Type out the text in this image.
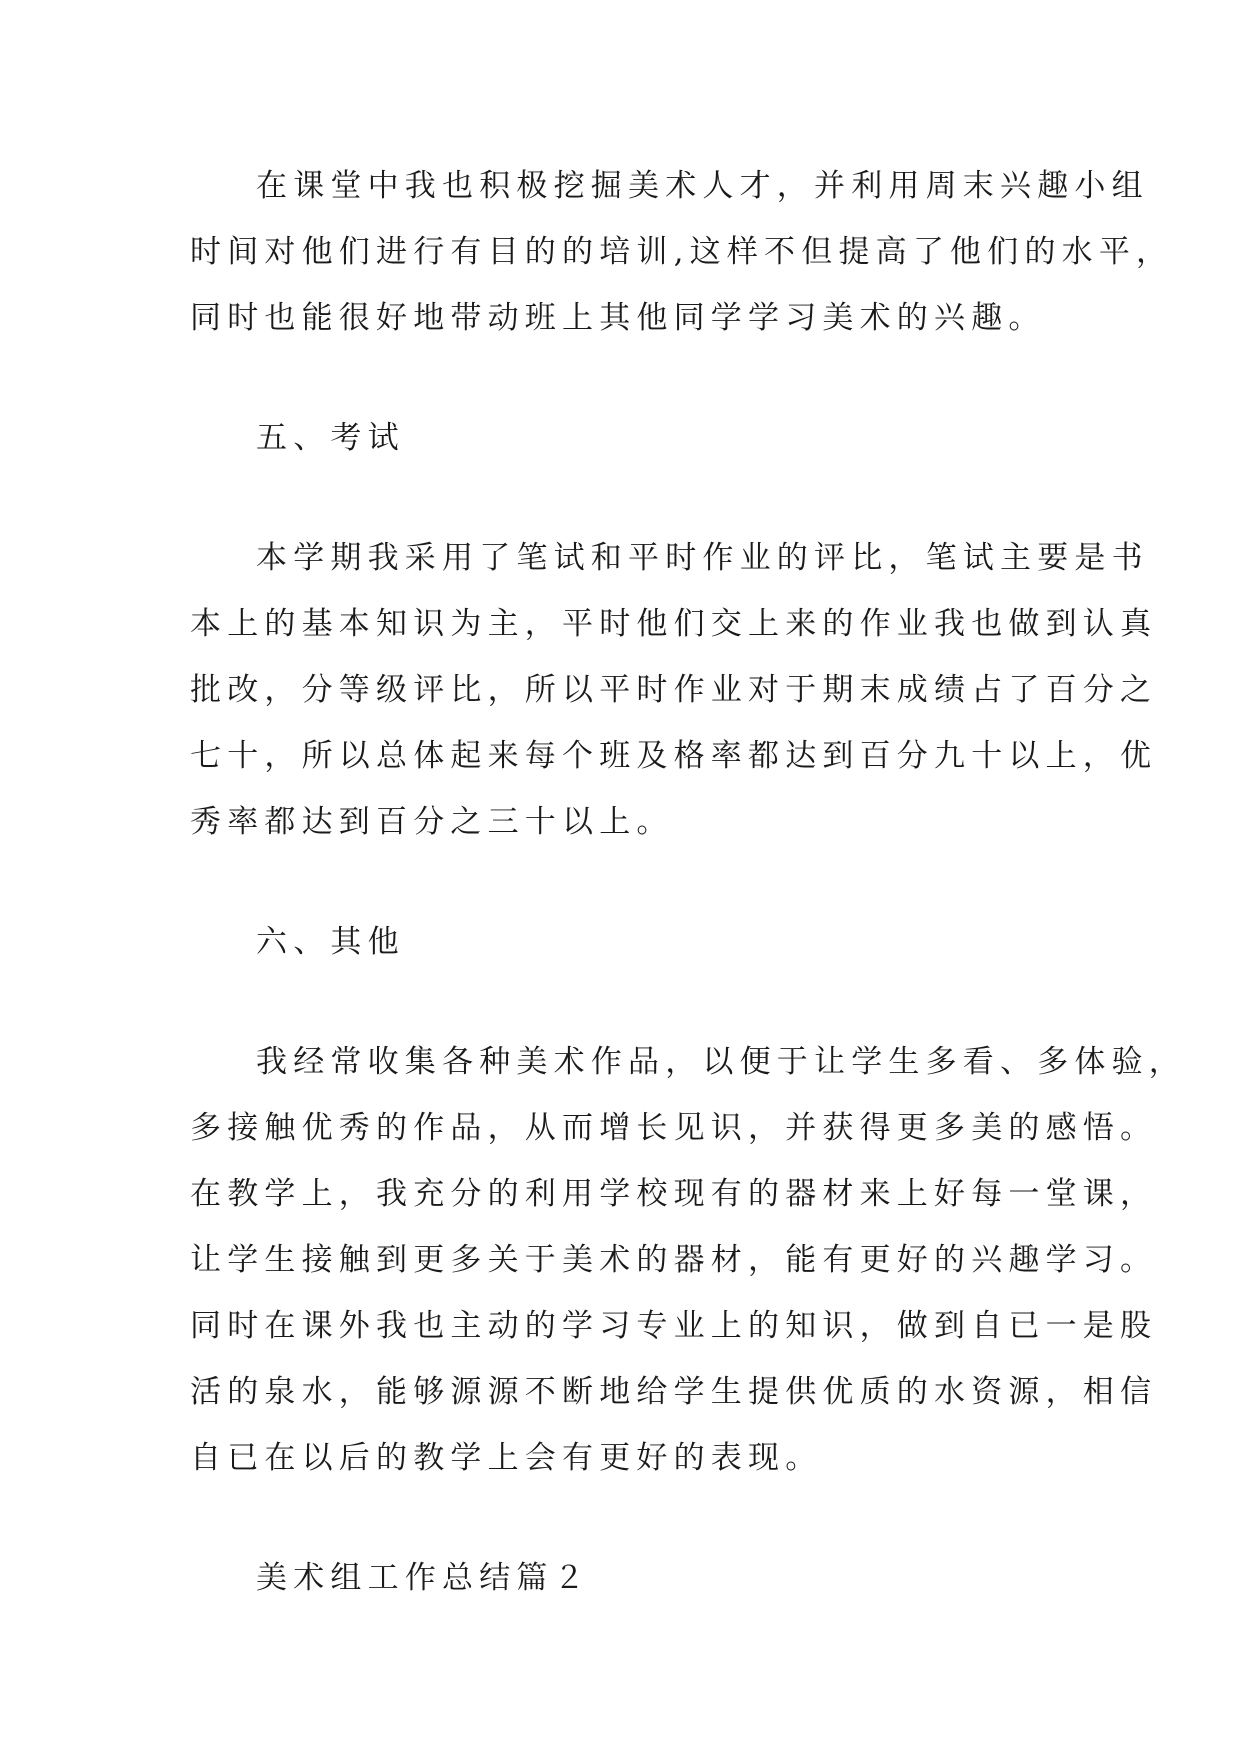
在课堂中我也积极挖掘美术人才，并利用周末兴趣小组
时间对他们进行有目的的培训,这样不但提高了他们的水平，
同时也能很好地带动班上其他同学学习美术的兴趣。
五、考试
本学期我采用了笔试和平时作业的评比，笔试主要是书
本上的基本知识为主，平时他们交上来的作业我也做到认真
批改，分等级评比，所以平时作业对于期末成绩占了百分之
七十，所以总体起来每个班及格率都达到百分九十以上，优
秀率都达到百分之三十以上。
六、其他
我经常收集各种美术作品，以便于让学生多看、多体验，
多接触优秀的作品，从而增长见识，并获得更多美的感悟。
在教学上，我充分的利用学校现有的器材来上好每一堂课，
让学生接触到更多关于美术的器材，能有更好的兴趣学习。
同时在课外我也主动的学习专业上的知识，做到自已一是股
活的泉水，能够源源不断地给学生提供优质的水资源，相信
自已在以后的教学上会有更好的表现。
美术组工作总结篇２
